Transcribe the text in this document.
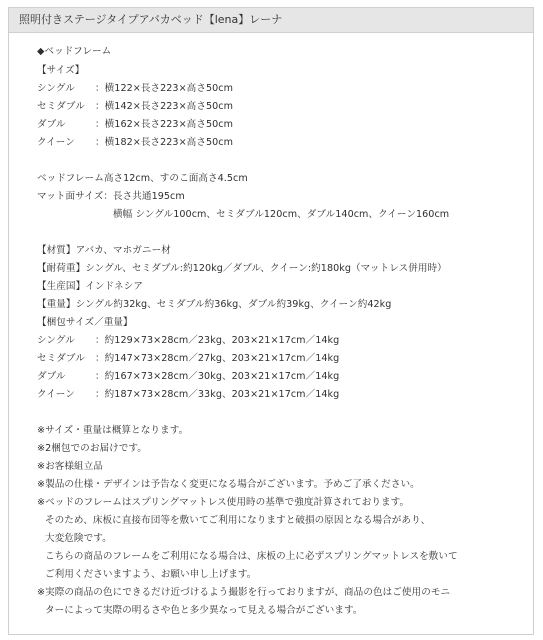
照明付きステージタイプアバカベッド【lena】レーナ
◆ベッドフレーム
【サイズ】
シングル ：横122×長さ223×高さ50cm
セミダブル ：横142×長さ223×高さ50cm
ダブル	：横162×長さ223×高さ50cm
クイーン ：横182×長さ223×高さ50cm
ベッドフレーム高さ12cm、すのこ面高さ4.5cm
マット面サイズ：長さ共通195cm
横幅 シングル100cm、セミダブル120cm、ダブル140cm、クイーン160cm
【材質】アバカ、マホガニー材
【耐荷重】シングル、セミダブル:約120kg／ダブル、クイーン:約180kg（マットレス併用時）
【生産国】インドネシア
【重量】シングル約32kg、セミダブル約36kg、ダブル約39kg、クイーン約42kg
【梱包サイズ／重量】
シングル ：約129×73×28cm／23kg、203×21×17cm／14kg
セミダブル ：約147×73×28cm／27kg、203×21×17cm／14kg
ダブル	：約167×73×28cm／30kg、203×21×17cm／14kg
クイーン ：約187×73×28cm／33kg、203×21×17cm／14kg
※サイズ・重量は概算となります。
※2梱包でのお届けです。
※お客様組立品
※製品の仕様・デザインは予告なく変更になる場合がございます。予めご了承ください。
※ベッドのフレームはスプリングマットレス使用時の基準で強度計算されております。
そのため、床板に直接布団等を敷いてご利用になりますと破損の原因となる場合があり、
大変危険です。
こちらの商品のフレームをご利用になる場合は、床板の上に必ずスプリングマットレスを敷いて
ご利用くださいますよう、お願い申し上げます。
※実際の商品の色にできるだけ近づけるよう撮影を行っておりますが、商品の色はご使用のモニ
ターによって実際の明るさや色と多少異なって見える場合がございます。
